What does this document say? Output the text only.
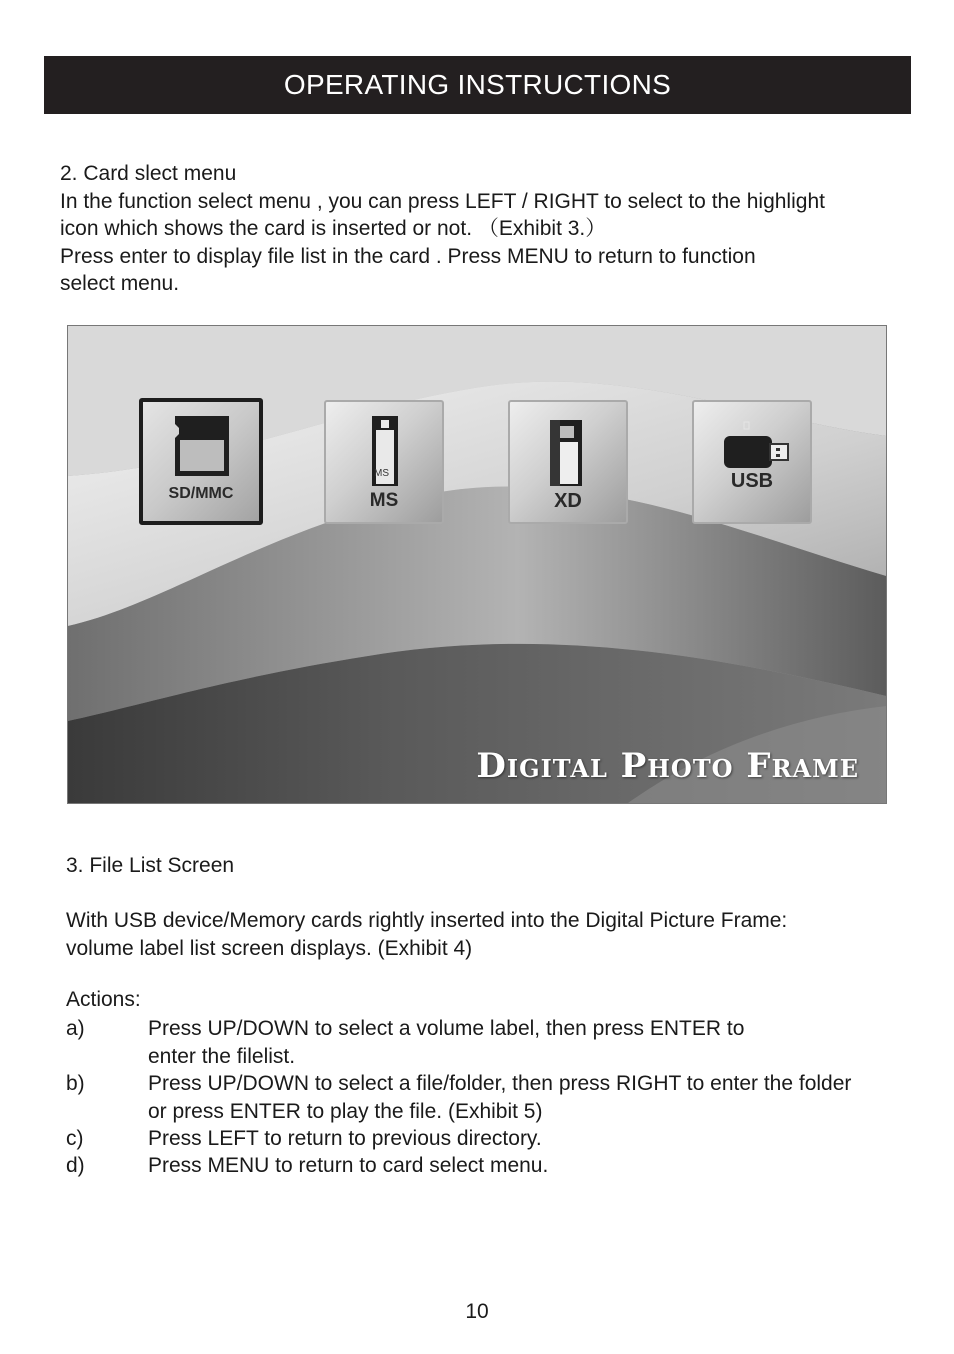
OPERATING INSTRUCTIONS
2. Card slect menu
In the function select menu , you can press LEFT / RIGHT to select to the highlight
icon which shows the card is inserted or not. （Exhibit 3.）
Press enter to display file list in the card . Press MENU to return to function
select menu.
SD/MMC
MS
MS	XD
USB
Digital Photo Frame
3. File List Screen
With USB device/Memory cards rightly inserted into the Digital Picture Frame:
volume label list screen displays. (Exhibit 4)
Actions:
a)	Press UP/DOWN to select a volume label, then press ENTER to
enter the filelist.
b)	Press UP/DOWN to select a file/folder, then press RIGHT to enter the folder
or press ENTER to play the file. (Exhibit 5)
c)	Press LEFT to return to previous directory.
d)	Press MENU to return to card select menu.
10
